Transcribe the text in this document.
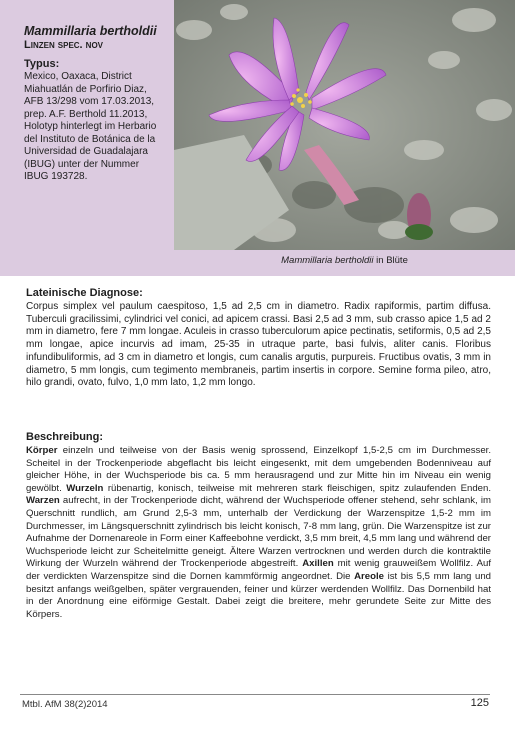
Mammillaria bertholdii
Linzen spec. nov
Typus:
Mexico, Oaxaca, District Miahuatlán de Porfirio Diaz, AFB 13/298 vom 17.03.2013, prep. A.F. Berthold 11.2013, Holotyp hinterlegt im Herbario del Instituto de Botánica de la Universidad de Guadalajara (IBUG) unter der Nummer IBUG 193728.
Mammillaria bertholdii in Blüte
Lateinische Diagnose:
Corpus simplex vel paulum caespitoso, 1,5 ad 2,5 cm in diametro. Radix rapiformis, partim diffusa. Tuberculi gracilissimi, cylindrici vel conici, ad apicem crassi. Basi 2,5 ad 3 mm, sub crasso apice 1,5 ad 2 mm in diametro, fere 7 mm longae. Aculeis in crasso tuberculorum apice pectinatis, setiformis, 0,5 ad 2,5 mm longae, apice incurvis ad imam, 25-35 in utraque parte, basi fulvis, aliter canis. Floribus infundibuliformis, ad 3 cm in diametro et longis, cum canalis argutis, purpureis. Fructibus ovatis, 3 mm in diametro, 5 mm longis, cum tegimento membraneis, partim insertis in corpore. Semine forma pileo, atro, hilo grandi, ovato, fulvo, 1,0 mm lato, 1,2 mm longo.
Beschreibung:
Körper einzeln und teilweise von der Basis wenig sprossend, Einzelkopf 1,5-2,5 cm im Durchmesser. Scheitel in der Trockenperiode abgeflacht bis leicht eingesenkt, mit dem umgebenden Bodenniveau auf gleicher Höhe, in der Wuchsperiode bis ca. 5 mm herausragend und zur Mitte hin im Niveau ein wenig gewölbt. Wurzeln rübenartig, konisch, teilweise mit mehreren stark fleischigen, spitz zulaufenden Enden. Warzen aufrecht, in der Trockenperiode dicht, während der Wuchsperiode offener stehend, sehr schlank, im Querschnitt rundlich, am Grund 2,5-3 mm, unterhalb der Verdickung der Warzenspitze 1,5-2 mm im Durchmesser, im Längsquerschnitt zylindrisch bis leicht konisch, 7-8 mm lang, grün. Die Warzenspitze ist zur Aufnahme der Dornenareole in Form einer Kaffeebohne verdickt, 3,5 mm breit, 4,5 mm lang und während der Wuchsperiode leicht zur Scheitelmitte geneigt. Ältere Warzen vertrocknen und werden durch die kontraktile Wirkung der Wurzeln während der Trockenperiode abgestreift. Axillen mit wenig grauweißem Wollfilz. Auf der verdickten Warzenspitze sind die Dornen kammförmig angeordnet. Die Areole ist bis 5,5 mm lang und besitzt anfangs weißgelben, später vergrauenden, feiner und kürzer werdenden Wollfilz. Das Dornenbild hat in der Anordnung eine eiförmige Gestalt. Dabei zeigt die breitere, mehr gerundete Seite zur Mitte des Körpers.
Mtbl. AfM 38(2)2014	125
